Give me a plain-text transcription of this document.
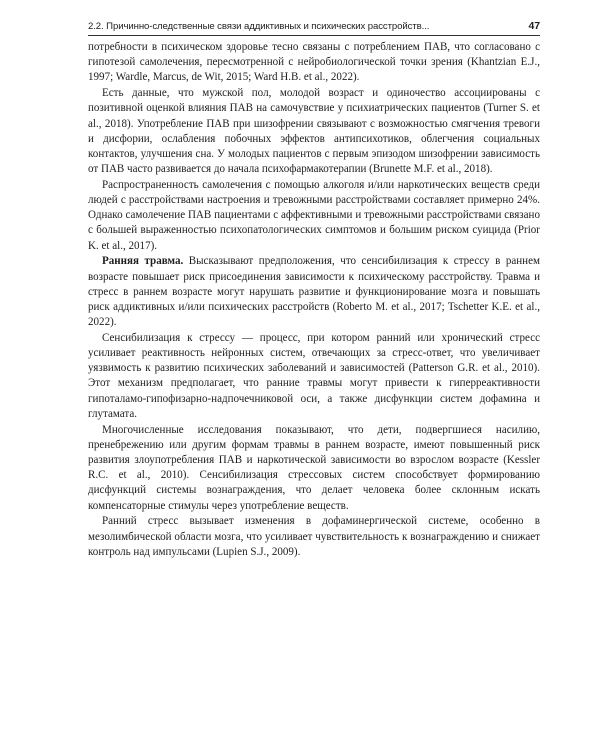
2.2. Причинно-следственные связи аддиктивных и психических расстройств...	47

потребности в психическом здоровье тесно связаны с потреблением ПАВ, что согласовано с гипотезой самолечения, пересмотренной с нейробиологической точки зрения (Khantzian E.J., 1997; Wardle, Marcus, de Wit, 2015; Ward H.B. et al., 2022).

Есть данные, что мужской пол, молодой возраст и одиночество ассоциированы с позитивной оценкой влияния ПАВ на самочувствие у психиатрических пациентов (Turner S. et al., 2018). Употребление ПАВ при шизофрении связывают с возможностью смягчения тревоги и дисфории, ослабления побочных эффектов антипсихотиков, облегчения социальных контактов, улучшения сна. У молодых пациентов с первым эпизодом шизофрении зависимость от ПАВ часто развивается до начала психофармакотерапии (Brunette M.F. et al., 2018).

Распространенность самолечения с помощью алкоголя и/или наркотических веществ среди людей с расстройствами настроения и тревожными расстройствами составляет примерно 24%. Однако самолечение ПАВ пациентами с аффективными и тревожными расстройствами связано с большей выраженностью психопатологических симптомов и большим риском суицида (Prior K. et al., 2017).

Ранняя травма. Высказывают предположения, что сенсибилизация к стрессу в раннем возрасте повышает риск присоединения зависимости к психическому расстройству. Травма и стресс в раннем возрасте могут нарушать развитие и функционирование мозга и повышать риск аддиктивных и/или психических расстройств (Roberto M. et al., 2017; Tschetter K.E. et al., 2022).

Сенсибилизация к стрессу — процесс, при котором ранний или хронический стресс усиливает реактивность нейронных систем, отвечающих за стресс-ответ, что увеличивает уязвимость к развитию психических заболеваний и зависимостей (Patterson G.R. et al., 2010). Этот механизм предполагает, что ранние травмы могут привести к гиперреактивности гипоталамо-гипофизарно-надпочечниковой оси, а также дисфункции систем дофамина и глутамата.

Многочисленные исследования показывают, что дети, подвергшиеся насилию, пренебрежению или другим формам травмы в раннем возрасте, имеют повышенный риск развития злоупотребления ПАВ и наркотической зависимости во взрослом возрасте (Kessler R.C. et al., 2010). Сенсибилизация стрессовых систем способствует формированию дисфункций системы вознаграждения, что делает человека более склонным искать компенсаторные стимулы через употребление веществ.

Ранний стресс вызывает изменения в дофаминергической системе, особенно в мезолимбической области мозга, что усиливает чувствительность к вознаграждению и снижает контроль над импульсами (Lupien S.J., 2009).
